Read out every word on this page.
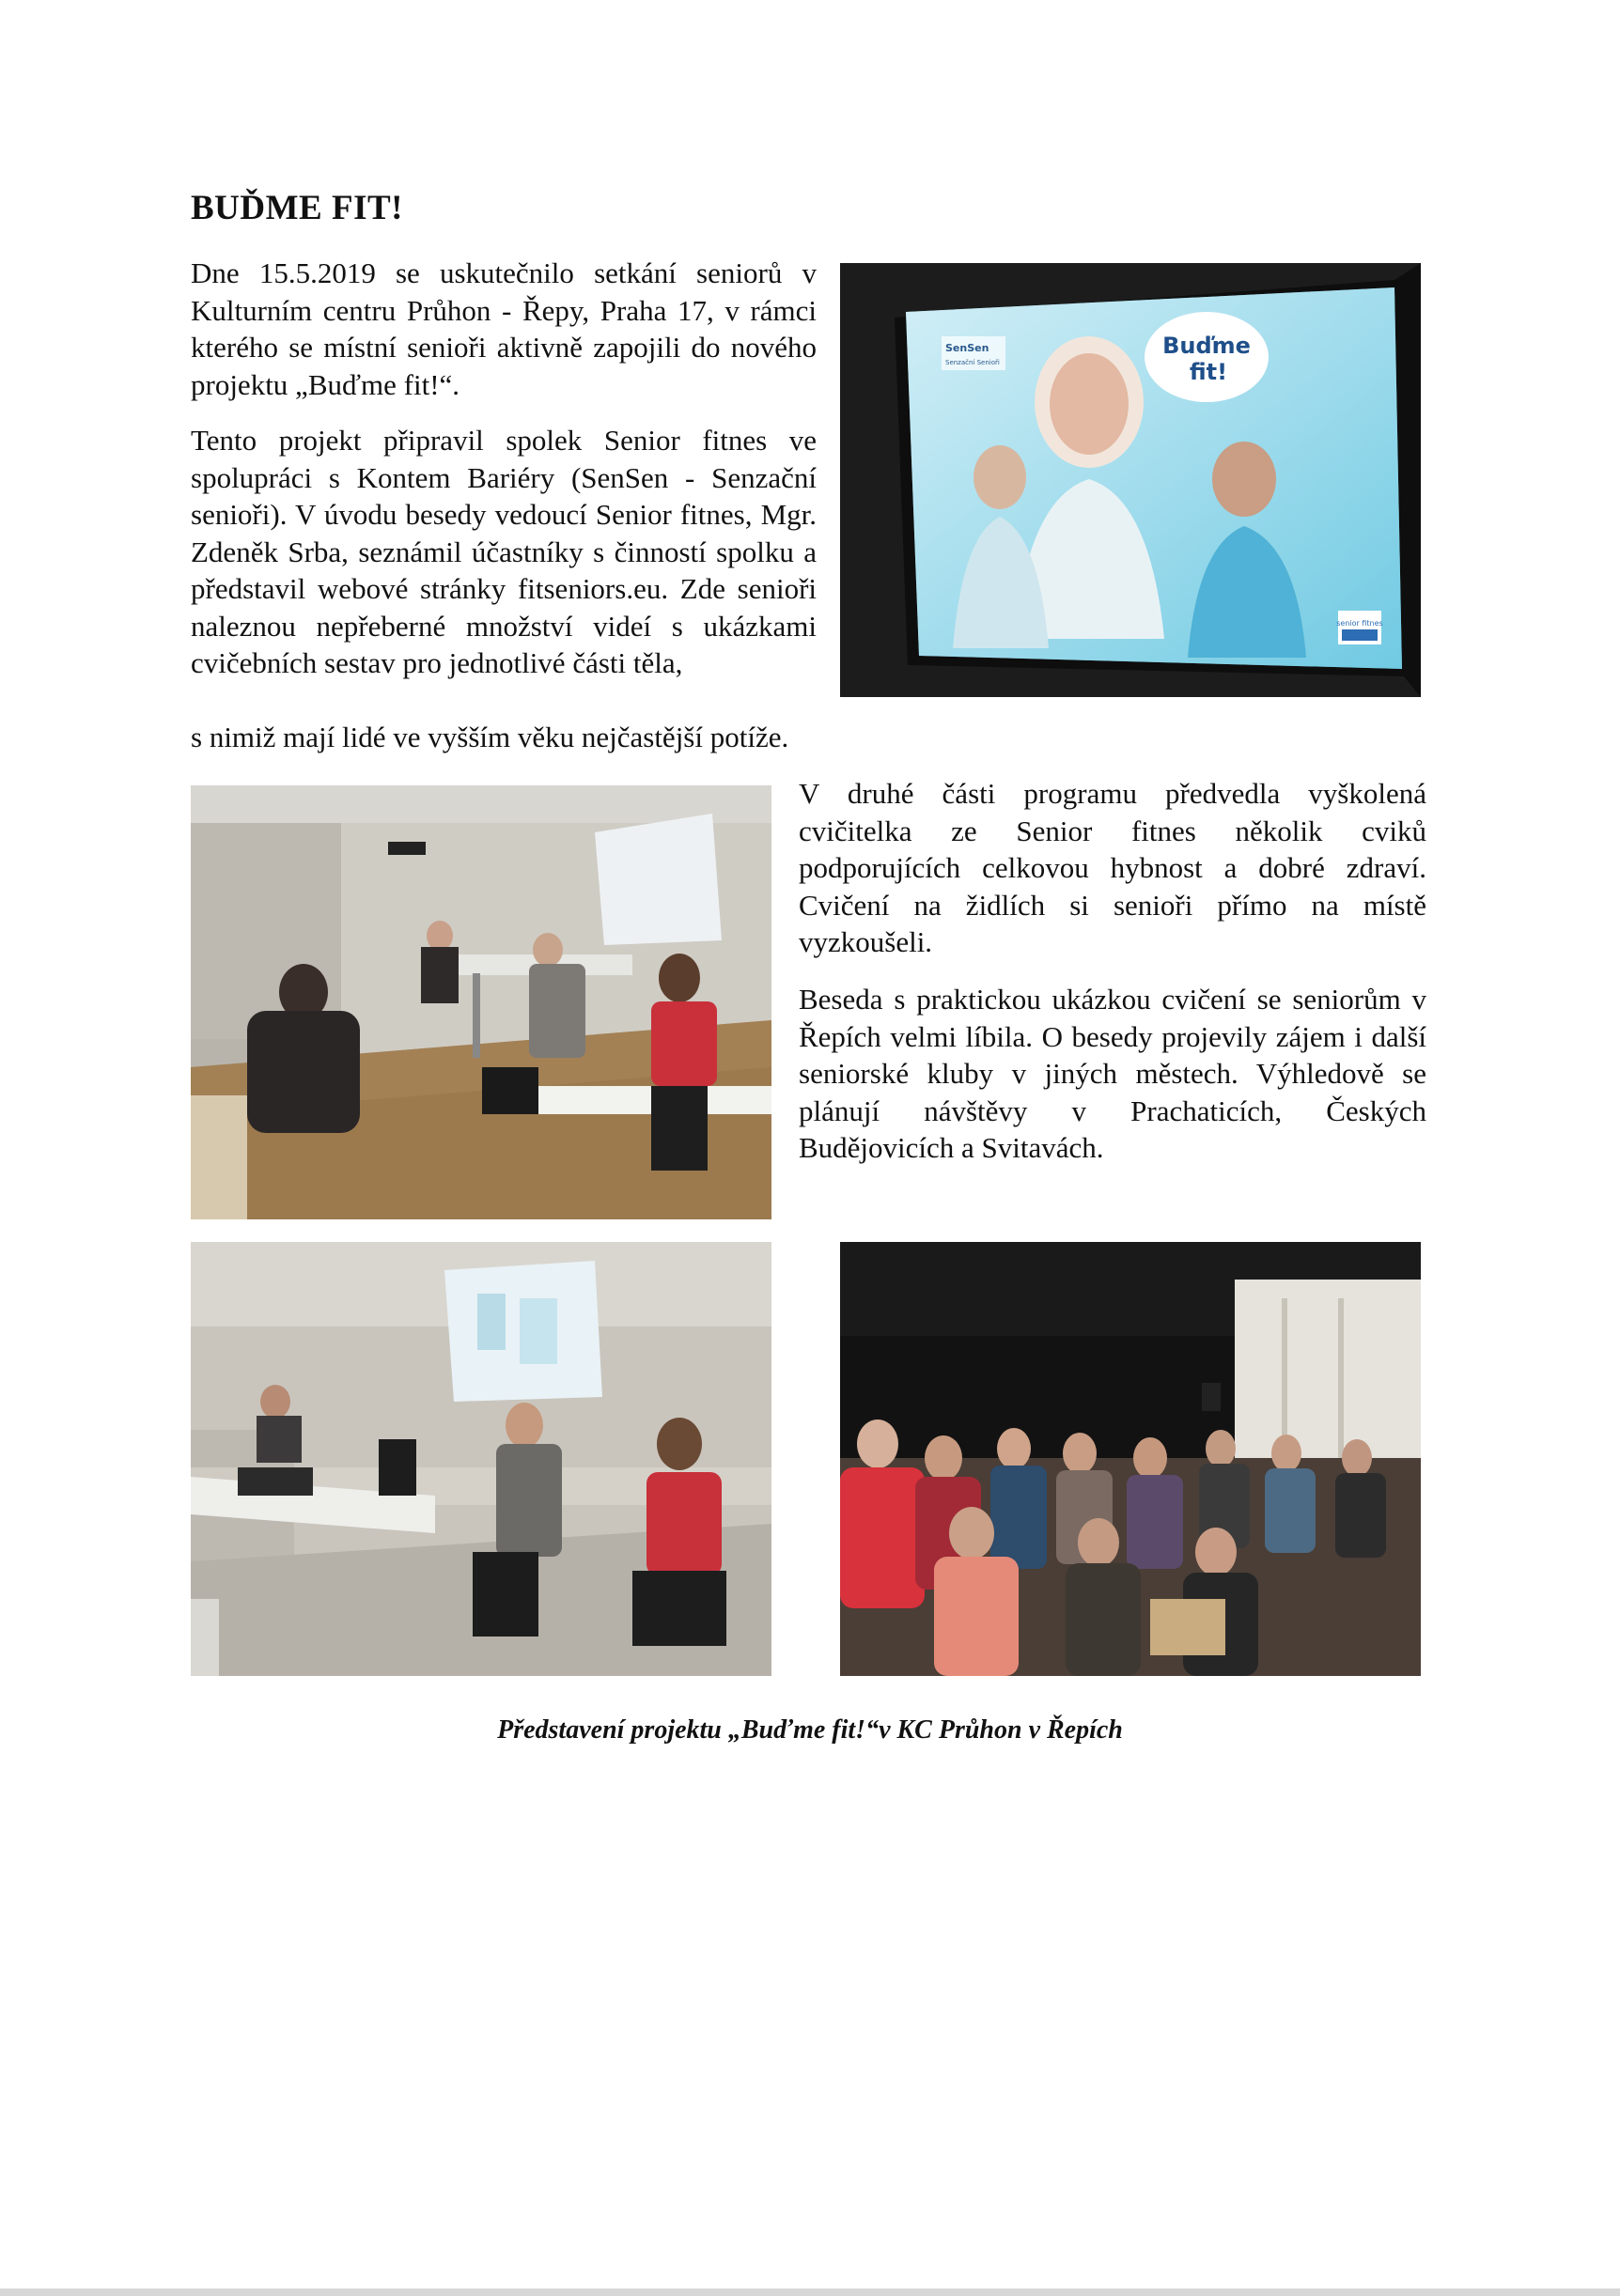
BUĎME FIT!

Dne 15.5.2019 se uskutečnilo setkání seniorů v Kulturním centru Průhon - Řepy, Praha 17, v rámci kterého se místní senioři aktivně zapojili do nového projektu „Buďme fit!“.

Tento projekt připravil spolek Senior fitnes ve spolupráci s Kontem Bariéry (SenSen - Senzační senioři). V úvodu besedy vedoucí Senior fitnes, Mgr. Zdeněk Srba, seznámil účastníky s činností spolku a představil webové stránky fitseniors.eu. Zde senioři naleznou nepřeberné množství videí s ukázkami cvičebních sestav pro jednotlivé části těla,

s nimiž mají lidé ve vyšším věku nejčastější potíže.

V druhé části programu předvedla vyškolená cvičitelka ze Senior fitnes několik cviků podporujících celkovou hybnost a dobré zdraví. Cvičení na židlích si senioři přímo na místě vyzkoušeli.

Beseda s praktickou ukázkou cvičení se seniorům v Řepích velmi líbila. O besedy projevily zájem i další seniorské kluby v jiných městech. Výhledově se plánují návštěvy v Prachaticích, Českých Budějovicích a Svitavách.

Buďme
fit!
SenSen
Senzační Senioři
senior fitnes
Představení projektu „Buďme fit!“v KC Průhon v Řepích
